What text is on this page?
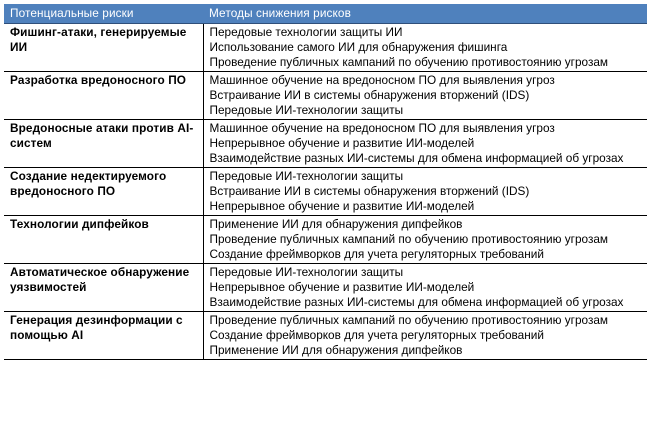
Потенциальные риски	Методы снижения рисков
Фишинг-атаки, генерируемые ИИ	Передовые технологии защиты ИИ
Использование самого ИИ для обнаружения фишинга
Проведение публичных кампаний по обучению противостоянию угрозам

Разработка вредоносного ПО	Машинное обучение на вредоносном ПО для выявления угроз
Встраивание ИИ в системы обнаружения вторжений (IDS)
Передовые ИИ-технологии защиты

Вредоносные атаки против AI-систем	Машинное обучение на вредоносном ПО для выявления угроз
Непрерывное обучение и развитие ИИ-моделей
Взаимодействие разных ИИ-системы для обмена информацией об угрозах

Создание недектируемого вредоносного ПО	Передовые ИИ-технологии защиты
Встраивание ИИ в системы обнаружения вторжений (IDS)
Непрерывное обучение и развитие ИИ-моделей

Технологии дипфейков	Применение ИИ для обнаружения дипфейков
Проведение публичных кампаний по обучению противостоянию угрозам
Создание фреймворков для учета регуляторных требований

Автоматическое обнаружение уязвимостей	Передовые ИИ-технологии защиты
Непрерывное обучение и развитие ИИ-моделей
Взаимодействие разных ИИ-системы для обмена информацией об угрозах

Генерация дезинформации с помощью AI	Проведение публичных кампаний по обучению противостоянию угрозам
Создание фреймворков для учета регуляторных требований
Применение ИИ для обнаружения дипфейков
